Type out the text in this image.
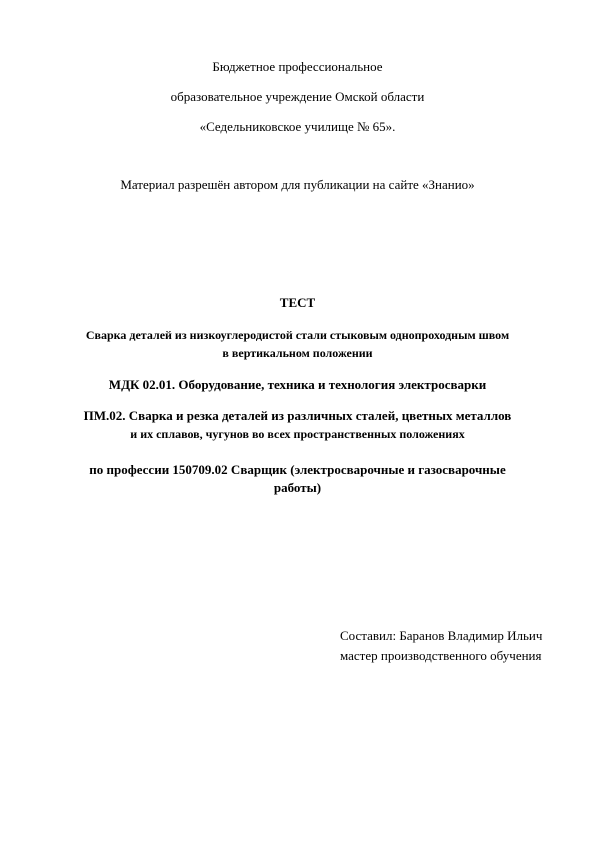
Бюджетное профессиональное
образовательное учреждение Омской области
«Седельниковское училище № 65».
Материал разрешён автором для публикации на сайте «Знанио»
ТЕСТ
Сварка деталей из низкоуглеродистой стали стыковым однопроходным швом
в вертикальном положении
МДК 02.01. Оборудование, техника и технология электросварки
ПМ.02. Сварка и резка деталей из различных сталей, цветных металлов
и их сплавов, чугунов во всех пространственных положениях
по профессии 150709.02 Сварщик (электросварочные и газосварочные
работы)
Составил: Баранов Владимир Ильич
мастер производственного обучения
